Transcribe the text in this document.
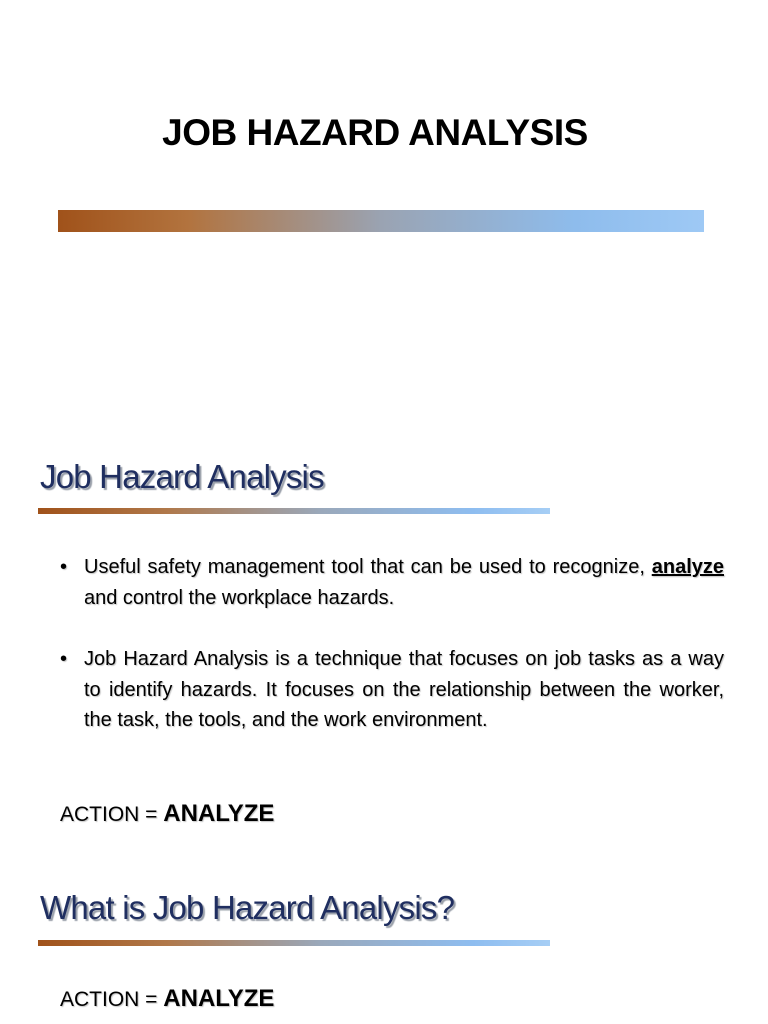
JOB HAZARD ANALYSIS
Job Hazard Analysis
• Useful safety management tool that can be used to recognize, analyze and control the workplace hazards.
• Job Hazard Analysis is a technique that focuses on job tasks as a way to identify hazards. It focuses on the relationship between the worker, the task, the tools, and the work environment.

ACTION = ANALYZE

What is Job Hazard Analysis?

ACTION = ANALYZE
